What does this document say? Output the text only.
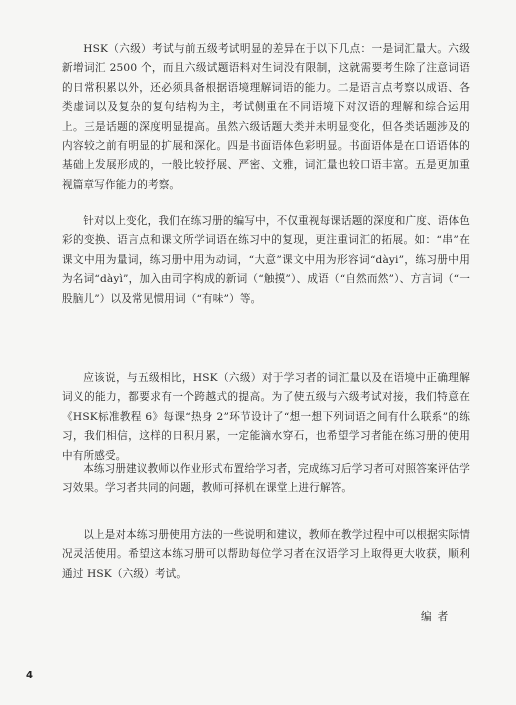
HSK（六级）考试与前五级考试明显的差异在于以下几点：一是词汇量大。六级新增词汇 2500 个，而且六级试题语料对生词没有限制，这就需要考生除了注意词语的日常积累以外，还必须具备根据语境理解词语的能力。二是语言点考察以成语、各类虚词以及复杂的复句结构为主，考试侧重在不同语境下对汉语的理解和综合运用上。三是话题的深度明显提高。虽然六级话题大类并未明显变化，但各类话题涉及的内容较之前有明显的扩展和深化。四是书面语体色彩明显。书面语体是在口语语体的基础上发展形成的，一般比较抒展、严密、文雅，词汇量也较口语丰富。五是更加重视篇章写作能力的考察。

针对以上变化，我们在练习册的编写中，不仅重视每课话题的深度和广度、语体色彩的变换、语言点和课文所学词语在练习中的复现，更注重词汇的拓展。如：“串”在课文中用为量词，练习册中用为动词，“大意”课文中用为形容词“dàyi”，练习册中用为名词“dàyì”，加入由司字构成的新词（“触摸”）、成语（“自然而然”）、方言词（“一股脑儿”）以及常见惯用词（“有味”）等。

应该说，与五级相比，HSK（六级）对于学习者的词汇量以及在语境中正确理解词义的能力，都要求有一个跨越式的提高。为了使五级与六级考试对接，我们特意在《HSK标准教程 6》每课“热身 2”环节设计了“想一想下列词语之间有什么联系”的练习，我们相信，这样的日积月累，一定能滴水穿石，也希望学习者能在练习册的使用中有所感受。

本练习册建议教师以作业形式布置给学习者，完成练习后学习者可对照答案评估学习效果。学习者共同的问题，教师可择机在课堂上进行解答。

以上是对本练习册使用方法的一些说明和建议，教师在教学过程中可以根据实际情况灵活使用。希望这本练习册可以帮助每位学习者在汉语学习上取得更大收获，顺利通过 HSK（六级）考试。

编者
4
